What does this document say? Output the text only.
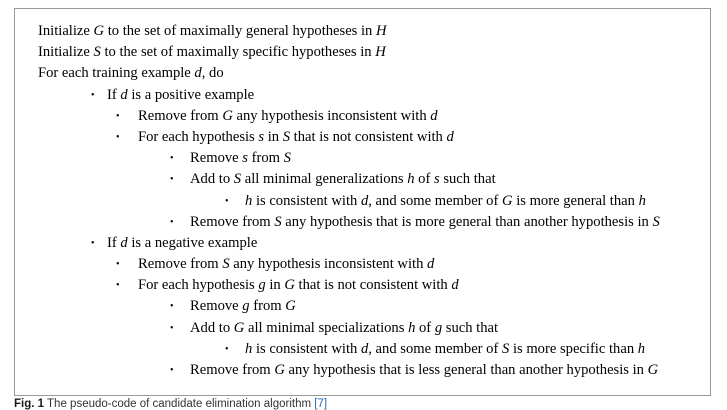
Initialize G to the set of maximally general hypotheses in H
Initialize S to the set of maximally specific hypotheses in H
For each training example d, do
• If d is a positive example
• Remove from G any hypothesis inconsistent with d
• For each hypothesis s in S that is not consistent with d
• Remove s from S
• Add to S all minimal generalizations h of s such that
• h is consistent with d, and some member of G is more general than h
• Remove from S any hypothesis that is more general than another hypothesis in S
• If d is a negative example
• Remove from S any hypothesis inconsistent with d
• For each hypothesis g in G that is not consistent with d
• Remove g from G
• Add to G all minimal specializations h of g such that
• h is consistent with d, and some member of S is more specific than h
• Remove from G any hypothesis that is less general than another hypothesis in G
Fig. 1 The pseudo-code of candidate elimination algorithm [7]
